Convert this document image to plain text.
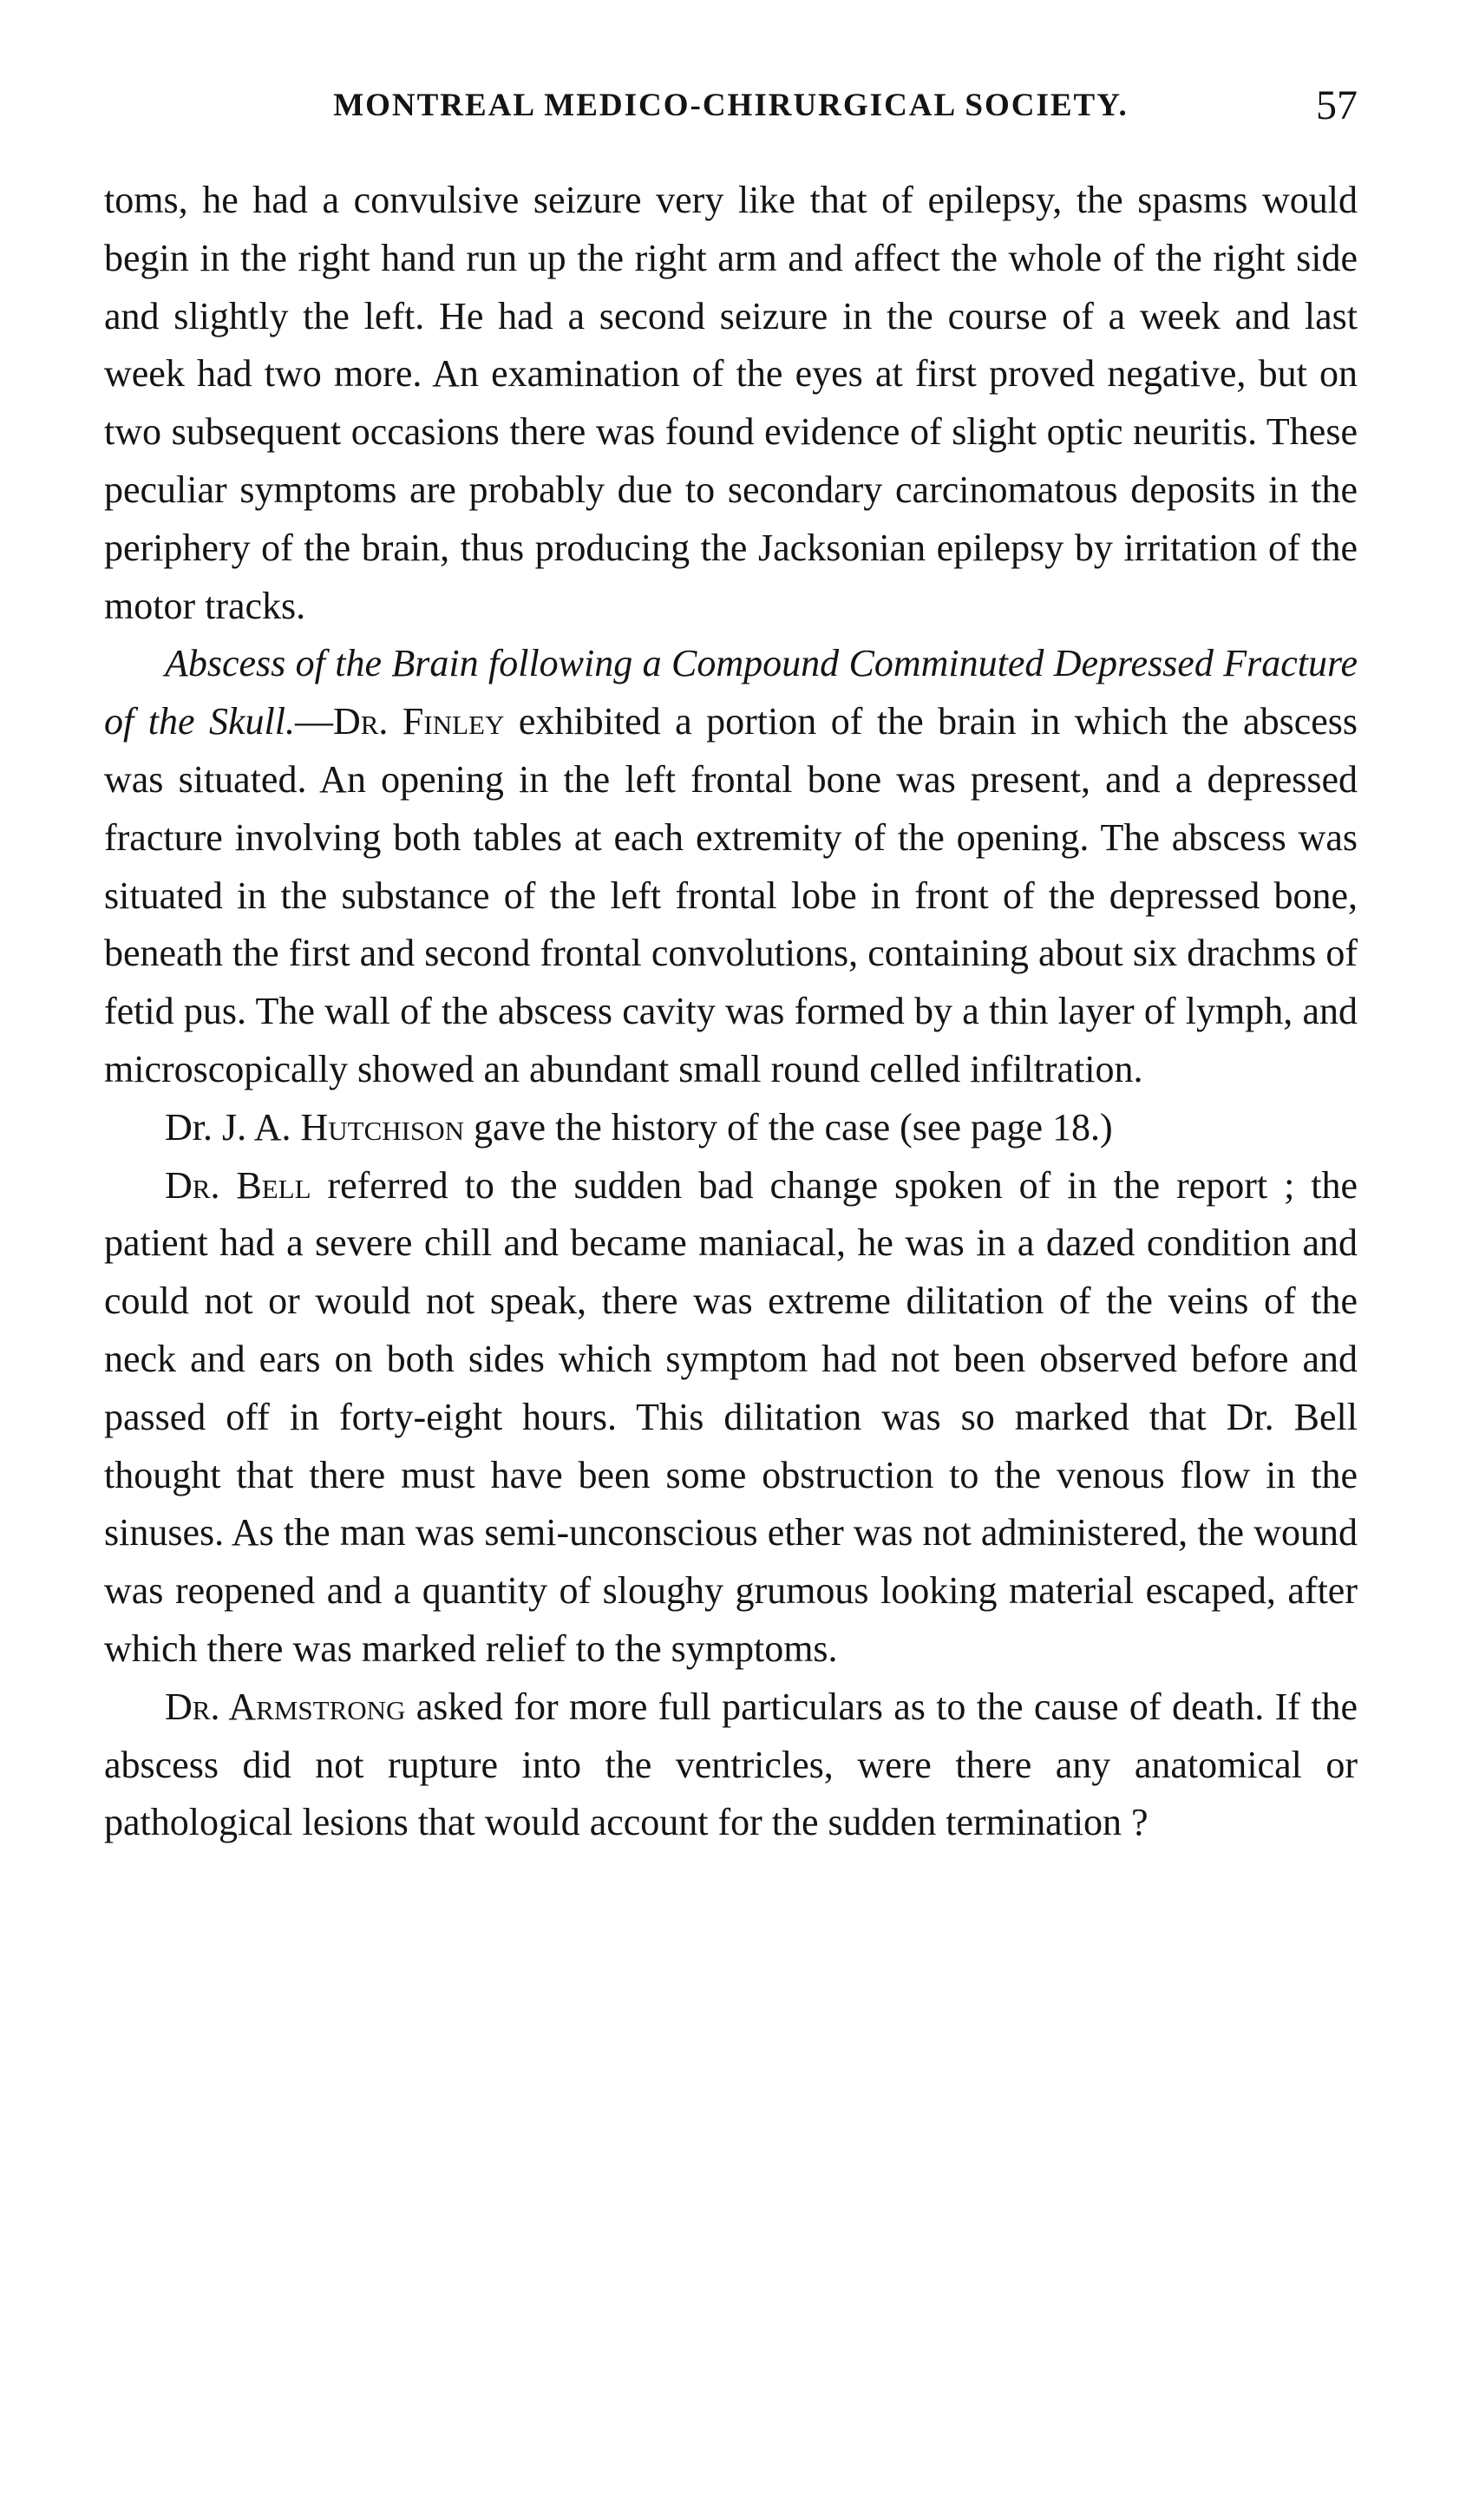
MONTREAL MEDICO-CHIRURGICAL SOCIETY.	57

toms, he had a convulsive seizure very like that of epilepsy, the spasms would begin in the right hand run up the right arm and affect the whole of the right side and slightly the left. He had a second seizure in the course of a week and last week had two more. An examination of the eyes at first proved negative, but on two subsequent occasions there was found evidence of slight optic neuritis. These peculiar symptoms are probably due to secondary carcinomatous deposits in the periphery of the brain, thus producing the Jacksonian epilepsy by irritation of the motor tracks.

Abscess of the Brain following a Compound Comminuted Depressed Fracture of the Skull.—Dr. Finley exhibited a portion of the brain in which the abscess was situated. An opening in the left frontal bone was present, and a depressed fracture involving both tables at each extremity of the opening. The abscess was situated in the substance of the left frontal lobe in front of the depressed bone, beneath the first and second frontal convolutions, containing about six drachms of fetid pus. The wall of the abscess cavity was formed by a thin layer of lymph, and microscopically showed an abundant small round celled infiltration.

Dr. J. A. Hutchison gave the history of the case (see page 18.)

Dr. Bell referred to the sudden bad change spoken of in the report ; the patient had a severe chill and became maniacal, he was in a dazed condition and could not or would not speak, there was extreme dilitation of the veins of the neck and ears on both sides which symptom had not been observed before and passed off in forty-eight hours. This dilitation was so marked that Dr. Bell thought that there must have been some obstruction to the venous flow in the sinuses. As the man was semi-unconscious ether was not administered, the wound was reopened and a quantity of sloughy grumous looking material escaped, after which there was marked relief to the symptoms.

Dr. Armstrong asked for more full particulars as to the cause of death. If the abscess did not rupture into the ventricles, were there any anatomical or pathological lesions that would account for the sudden termination ?
